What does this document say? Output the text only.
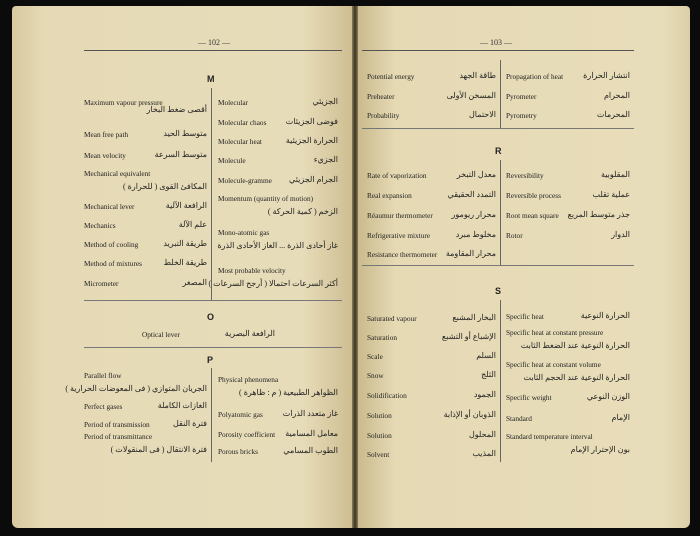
— 102 —
M
O
Optical lever	الرافعة البصرية
P
— 103 —
R
S
Maximum vapour pressure
أقصى ضغط البخار
Mean free path	متوسط الحيد
Mean velocity	متوسط السرعة
Mechanical equivalent
المكافئ القوى ( للحرارة )
Mechanical lever	الرافعة الآلية
Mechanics	علم الآلة
Method of cooling	طريقة التبريد
Method of mixtures	طريقة الخلط
Micrometer	المصغر
Molecular	الجزيئي
Molecular chaos فوضى الجزيئات
Molecular heat	الحرارة الجزيئية
Molecule	الجزيء
Molecule-gramme الجرام الجزيئي
Momentum (quantity of motion)
الزخم ( كمية الحركة )
Mono-atomic gas
غاز أحادى الذرة ... الغاز الأحادى الذرة
Most probable velocity
أكثر السرعات احتمالا ( أرجح السرعات )
Parallel flow
الجريان المتوازي ( فى المعوضات الحرارية )
Perfect gases	الغازات الكاملة
Period of transmission	فترة النقل
Period of transmittance
فترة الانتقال ( فى المنقولات )
Physical phenomena
الظواهر الطبيعية ( م : ظاهرة )
Polyatomic gas غاز متعدد الذرات
Porosity coefficient معامل المسامية
Porous bricks	الطوب المسامي
Potential energy	طاقة الجهد
Preheater	المسخن الأولى
Probability	الاحتمال
Propagation of heat	انتشار الحرارة
Pyrometer	المحرام
Pyrometry	المحرمات
Rate of vaporization	معدل التبخر
Real expansion	التمدد الحقيقي
Réaumur thermometer محرار ريومور
Refrigerative mixture	مخلوط مبرد
Resistance thermometer محرار المقاومة
Reversibility	المقلوبية
Reversible process	عملية تقلب
Root mean square جذر متوسط المربع
Rotor	الدوار
Saturated vapour	البخار المشبع
Saturation	الإشباع أو التشبع
Scale	السلم
Snow	الثلج
Solidification	الجمود
Solution	الذوبان أو الإذابة
Solution	المحلول
Solvent	المذيب
Specific heat	الحرارة النوعية
Specific heat at constant pressure
الحرارة النوعية عند الضغط الثابت
Specific heat at constant volume
الحرارة النوعية عند الحجم الثابت
Specific weight	الوزن النوعي
Standard	الإمام
Standard temperature interval
بون الإحترار الإمام
